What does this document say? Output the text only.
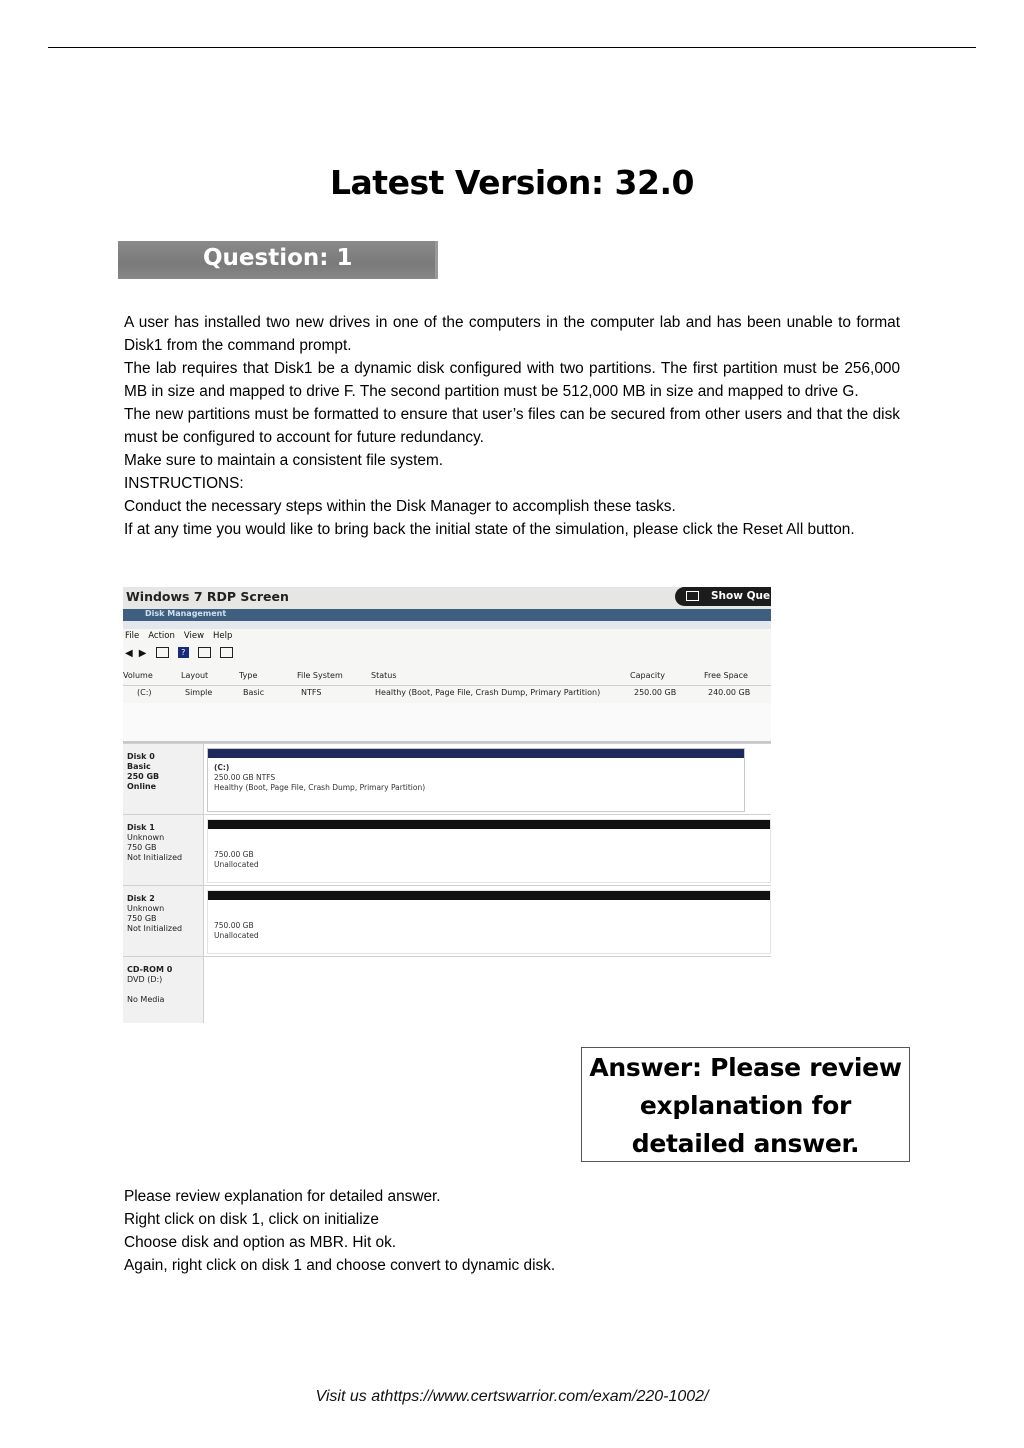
Latest Version: 32.0
Question: 1

A user has installed two new drives in one of the computers in the computer lab and has been unable to format Disk1 from the command prompt.

The lab requires that Disk1 be a dynamic disk configured with two partitions. The first partition must be 256,000 MB in size and mapped to drive F. The second partition must be 512,000 MB in size and mapped to drive G.

The new partitions must be formatted to ensure that user’s files can be secured from other users and that the disk must be configured to account for future redundancy.

Make sure to maintain a consistent file system.

INSTRUCTIONS:

Conduct the necessary steps within the Disk Manager to accomplish these tasks.

If at any time you would like to bring back the initial state of the simulation, please click the Reset All button.

Windows 7 RDP Screen	Show Que
Disk Management
File Action View Help
◀ ▶	?
Volume	Layout	Type	File System	Status	Capacity	Free Space
(C:)	Simple	Basic	NTFS	Healthy (Boot, Page File, Crash Dump, Primary Partition)	250.00 GB	240.00 GB
Disk 0
Basic
250 GB
Online
(C:)
250.00 GB NTFS
Healthy (Boot, Page File, Crash Dump, Primary Partition)
Disk 1
Unknown
750 GB
Not Initialized	750.00 GB
Unallocated
Disk 2
Unknown
750 GB
Not Initialized	750.00 GB
Unallocated
CD-ROM 0
DVD (D:)

No Media
Answer: Please review
explanation for
detailed answer.

Please review explanation for detailed answer.

Right click on disk 1, click on initialize

Choose disk and option as MBR. Hit ok.

Again, right click on disk 1 and choose convert to dynamic disk.

Visit us athttps://www.certswarrior.com/exam/220-1002/
